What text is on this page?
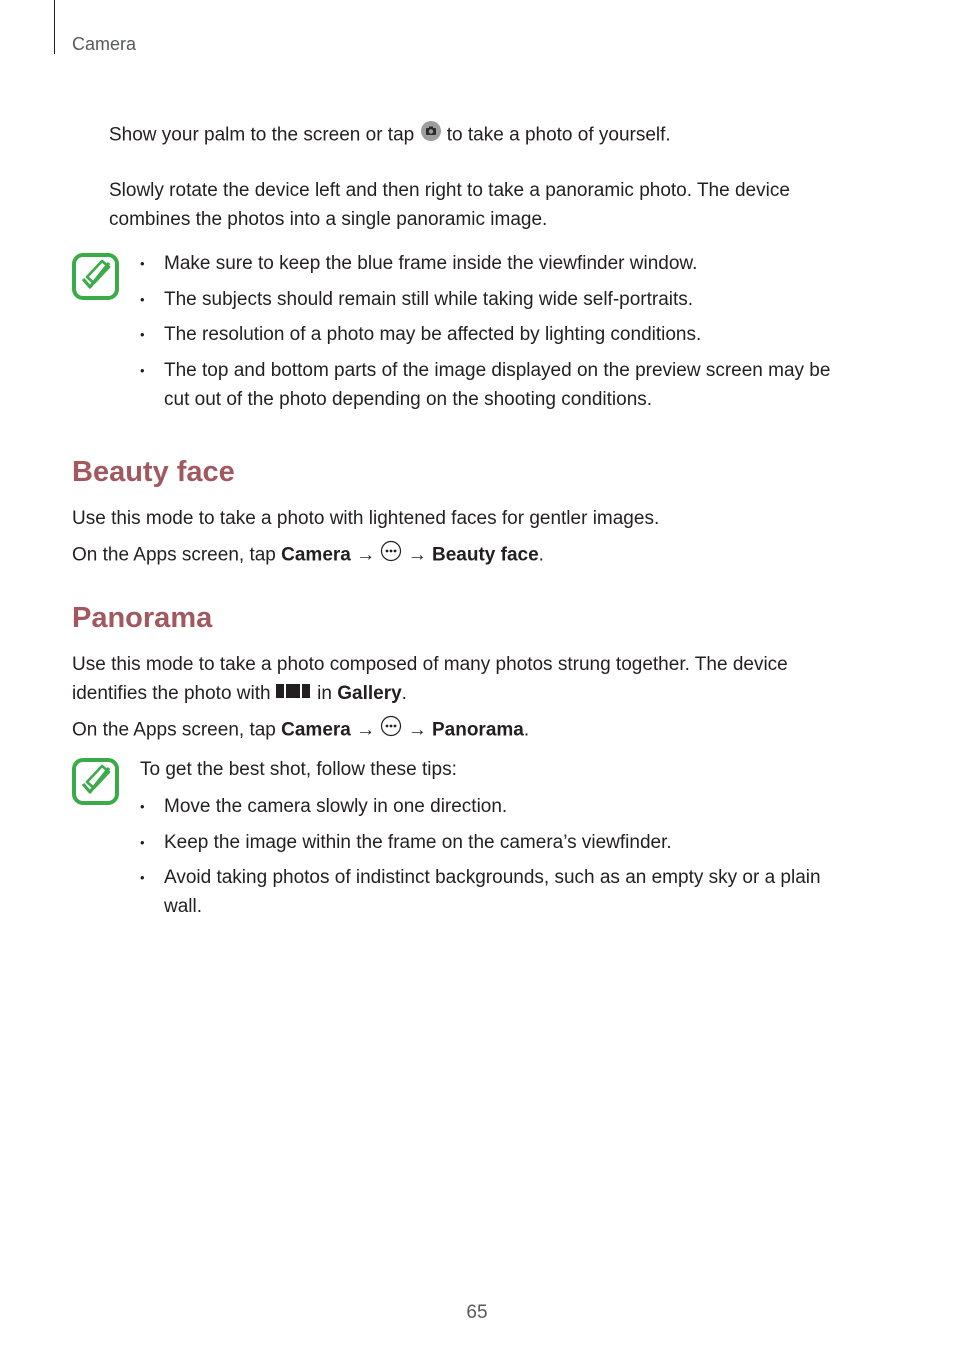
Camera

Show your palm to the screen or tap to take a photo of yourself.

Slowly rotate the device left and then right to take a panoramic photo. The device combines the photos into a single panoramic image.

• Make sure to keep the blue frame inside the viewfinder window.
• The subjects should remain still while taking wide self-portraits.
• The resolution of a photo may be affected by lighting conditions.
• The top and bottom parts of the image displayed on the preview screen may be cut out of the photo depending on the shooting conditions.
Beauty face

Use this mode to take a photo with lightened faces for gentler images.

On the Apps screen, tap Camera → → Beauty face.

Panorama

Use this mode to take a photo composed of many photos strung together. The device identifies the photo with in Gallery.

On the Apps screen, tap Camera → → Panorama.

To get the best shot, follow these tips:

• Move the camera slowly in one direction.
• Keep the image within the frame on the camera’s viewfinder.
• Avoid taking photos of indistinct backgrounds, such as an empty sky or a plain wall.
65
